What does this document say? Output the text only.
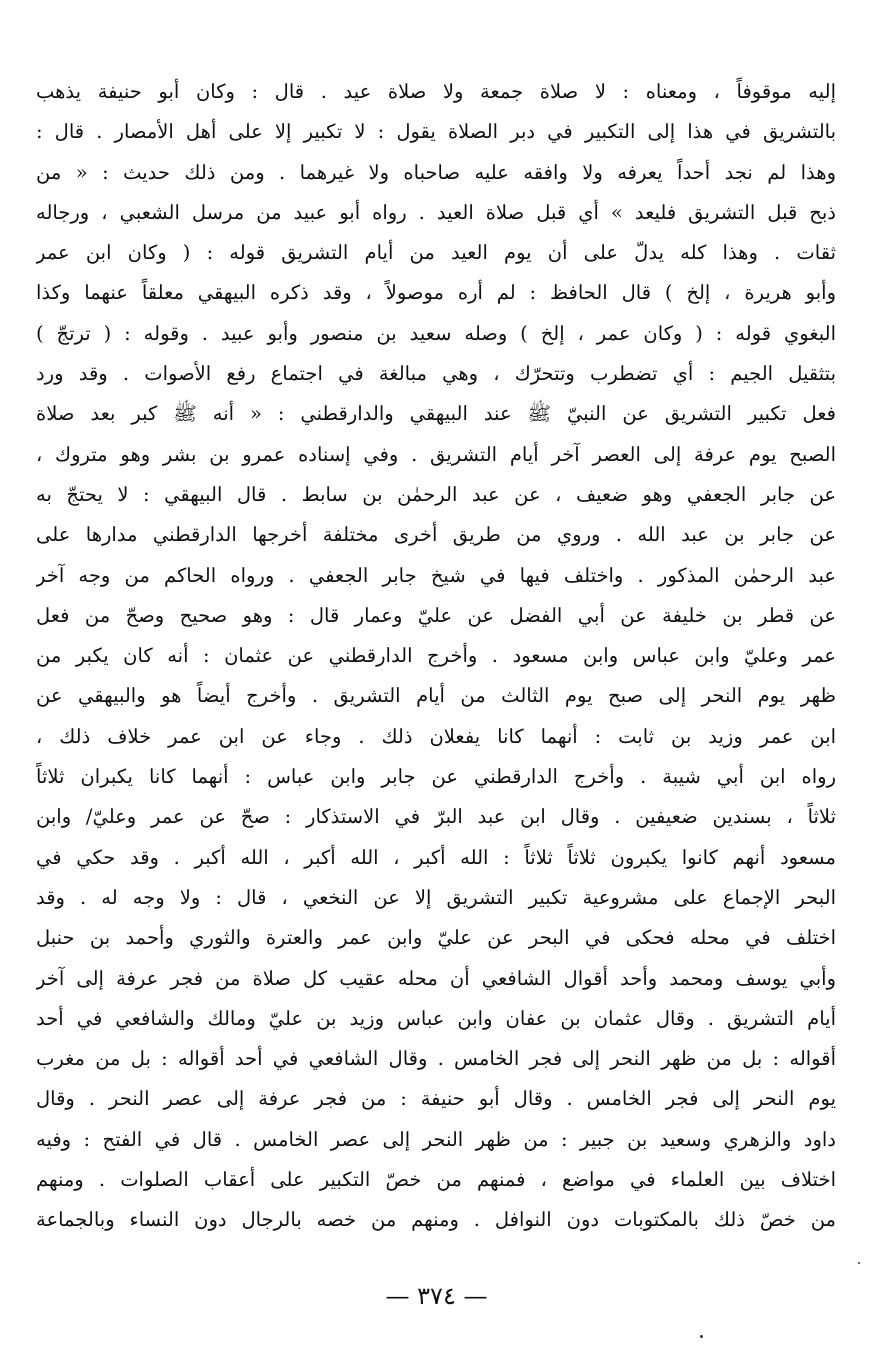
إليه موقوفاً ، ومعناه : لا صلاة جمعة ولا صلاة عيد . قال : وكان أبو حنيفة يذهب
بالتشريق في هذا إلى التكبير في دبر الصلاة يقول : لا تكبير إلا على أهل الأمصار . قال :
وهذا لم نجد أحداً يعرفه ولا وافقه عليه صاحباه ولا غيرهما . ومن ذلك حديث : « من
ذبح قبل التشريق فليعد » أي قبل صلاة العيد . رواه أبو عبيد من مرسل الشعبي ، ورجاله
ثقات . وهذا كله يدلّ على أن يوم العيد من أيام التشريق قوله : ( وكان ابن عمر
وأبو هريرة ، إلخ ) قال الحافظ : لم أره موصولاً ، وقد ذكره البيهقي معلقاً عنهما وكذا
البغوي قوله : ( وكان عمر ، إلخ ) وصله سعيد بن منصور وأبو عبيد . وقوله : ( ترتجّ )
بتثقيل الجيم : أي تضطرب وتتحرّك ، وهي مبالغة في اجتماع رفع الأصوات . وقد ورد
فعل تكبير التشريق عن النبيّ ﷺ عند البيهقي والدارقطني : « أنه ﷺ كبر بعد صلاة
الصبح يوم عرفة إلى العصر آخر أيام التشريق . وفي إسناده عمرو بن بشر وهو متروك ،
عن جابر الجعفي وهو ضعيف ، عن عبد الرحمٰن بن سابط . قال البيهقي : لا يحتجّ به
عن جابر بن عبد الله . وروي من طريق أخرى مختلفة أخرجها الدارقطني مدارها على
عبد الرحمٰن المذكور . واختلف فيها في شيخ جابر الجعفي . ورواه الحاكم من وجه آخر
عن قطر بن خليفة عن أبي الفضل عن عليّ وعمار قال : وهو صحيح وصحّ من فعل
عمر وعليّ وابن عباس وابن مسعود . وأخرج الدارقطني عن عثمان : أنه كان يكبر من
ظهر يوم النحر إلى صبح يوم الثالث من أيام التشريق . وأخرج أيضاً هو والبيهقي عن
ابن عمر وزيد بن ثابت : أنهما كانا يفعلان ذلك . وجاء عن ابن عمر خلاف ذلك ،
رواه ابن أبي شيبة . وأخرج الدارقطني عن جابر وابن عباس : أنهما كانا يكبران ثلاثاً
ثلاثاً ، بسندين ضعيفين . وقال ابن عبد البرّ في الاستذكار : صحّ عن عمر وعليّ/ وابن
مسعود أنهم كانوا يكبرون ثلاثاً ثلاثاً : الله أكبر ، الله أكبر ، الله أكبر . وقد حكي في
البحر الإجماع على مشروعية تكبير التشريق إلا عن النخعي ، قال : ولا وجه له . وقد
اختلف في محله فحكى في البحر عن عليّ وابن عمر والعترة والثوري وأحمد بن حنبل
وأبي يوسف ومحمد وأحد أقوال الشافعي أن محله عقيب كل صلاة من فجر عرفة إلى آخر
أيام التشريق . وقال عثمان بن عفان وابن عباس وزيد بن عليّ ومالك والشافعي في أحد
أقواله : بل من ظهر النحر إلى فجر الخامس . وقال الشافعي في أحد أقواله : بل من مغرب
يوم النحر إلى فجر الخامس . وقال أبو حنيفة : من فجر عرفة إلى عصر النحر . وقال
داود والزهري وسعيد بن جبير : من ظهر النحر إلى عصر الخامس . قال في الفتح : وفيه
اختلاف بين العلماء في مواضع ، فمنهم من خصّ التكبير على أعقاب الصلوات . ومنهم
من خصّ ذلك بالمكتوبات دون النوافل . ومنهم من خصه بالرجال دون النساء وبالجماعة
— ٣٧٤ —
